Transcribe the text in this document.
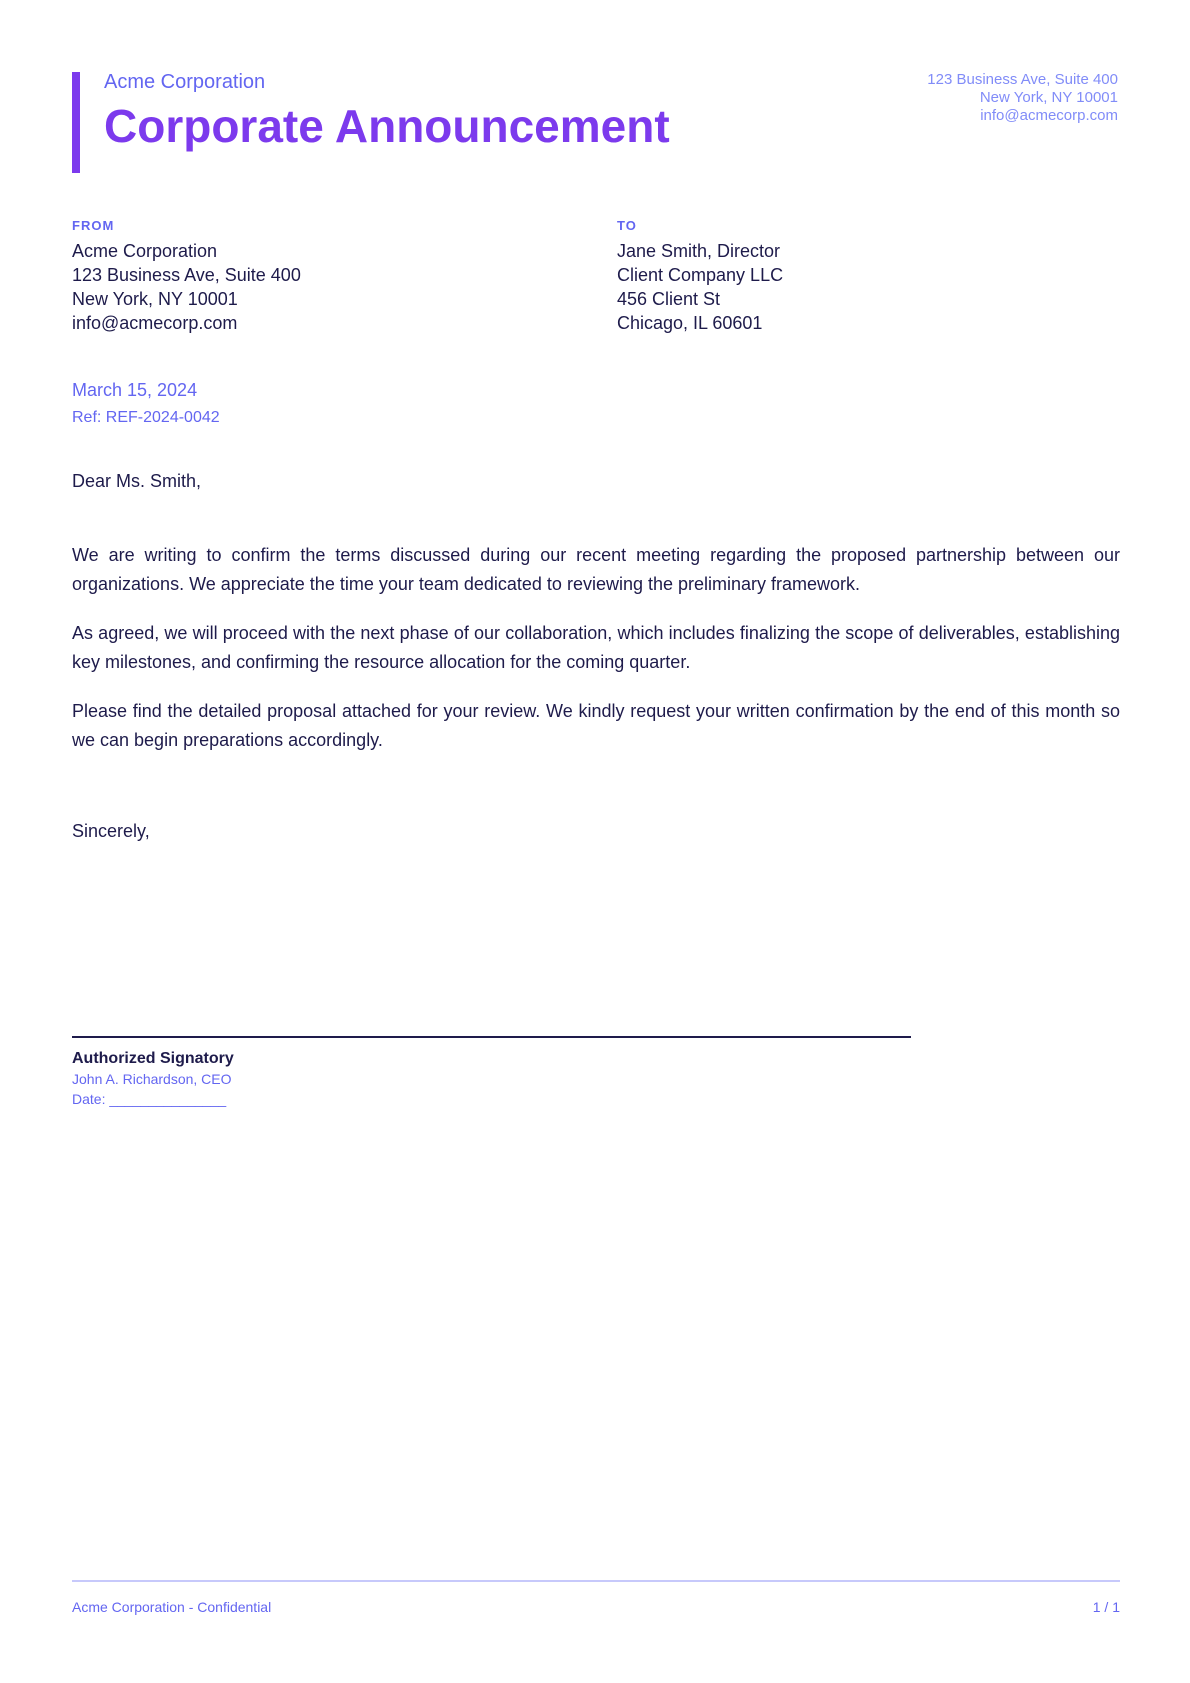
Acme Corporation
Corporate Announcement
123 Business Ave, Suite 400
New York, NY 10001
info@acmecorp.com
FROM
Acme Corporation
123 Business Ave, Suite 400
New York, NY 10001
info@acmecorp.com
TO
Jane Smith, Director
Client Company LLC
456 Client St
Chicago, IL 60601
March 15, 2024
Ref: REF-2024-0042
Dear Ms. Smith,

We are writing to confirm the terms discussed during our recent meeting regarding the proposed partnership between our organizations. We appreciate the time your team dedicated to reviewing the preliminary framework.

As agreed, we will proceed with the next phase of our collaboration, which includes finalizing the scope of deliverables, establishing key milestones, and confirming the resource allocation for the coming quarter.

Please find the detailed proposal attached for your review. We kindly request your written confirmation by the end of this month so we can begin preparations accordingly.

Sincerely,
Authorized Signatory
John A. Richardson, CEO
Date: _______________
Acme Corporation - Confidential	1 / 1
